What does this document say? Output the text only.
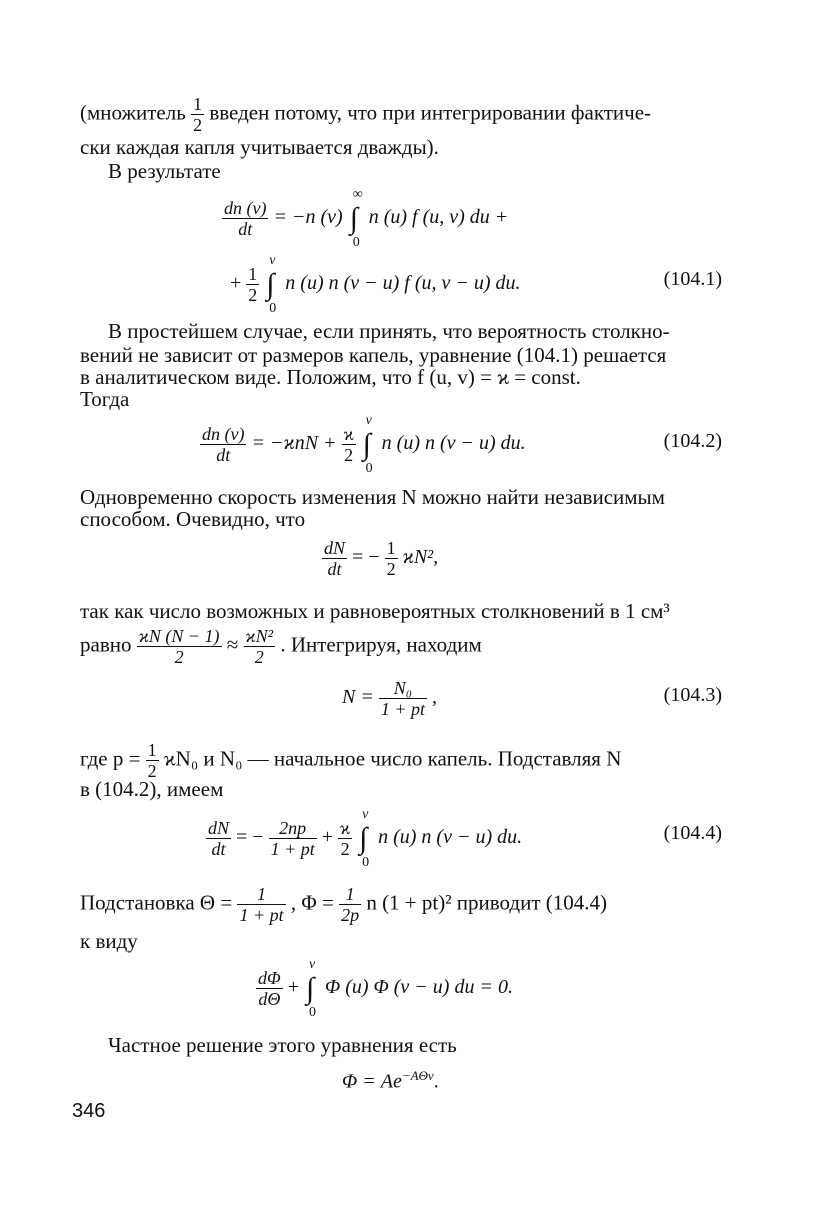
(множитель $\frac{1}{2}$ введен потому, что при интегрировании фактиче-
ски каждая капля учитывается дважды).
В результате
$\frac{dn (v)}{dt} = -n$ (v) ∫
∞
0
n (u) f (u, v) du +
+ $\frac{1}{2}$ ∫
v
0
n (u) n (v − u) f (u, v − u) du.	(104.1)
В простейшем случае, если принять, что вероятность столкно-
вений не зависит от размеров капель, уравнение (104.1) решается
в аналитическом виде. Положим, что f (u, v) = ϰ = const.
Тогда
$\frac{dn (v)}{dt} = -ϰnN + \frac{ϰ}{2}$ ∫
v
0
n (u) n (v − u) du.	(104.2)
Одновременно скорость изменения N можно найти независимым
способом. Очевидно, что
$\frac{dN}{dt}$ = − $\frac{1}{2} ϰN^2$,
так как число возможных и равновероятных столкновений в 1 см³
равно $\frac{ϰN (N - 1)}{2} \approx \frac{\text{ϰN²}}{2}$ . Интегрируя, находим
$N = \frac{\text{N₀}}{1 + pt}$ ,	(104.3)
где $p = \frac{1}{2} ϰN_0$ и N₀ — начальное число капель. Подставляя N
в (104.2), имеем
$\frac{dN}{dt}$ = − $\frac{2np}{1 + pt} + \frac{ϰ}{2}$ ∫
v
0
n (u) n (v − u) du.	(104.4)
Подстановка $\Theta = \frac{1}{1 + pt}$ , $\Phi = \frac{1}{2p}$ n (1 + pt)² приводит (104.4)
к виду
$\frac{d\Phi}{d\Theta}$ + ∫
v
0
Φ (u) Φ (v − u) du = 0.
Частное решение этого уравнения есть
$\Phi = Ae^{-A\Theta v}$.
346
